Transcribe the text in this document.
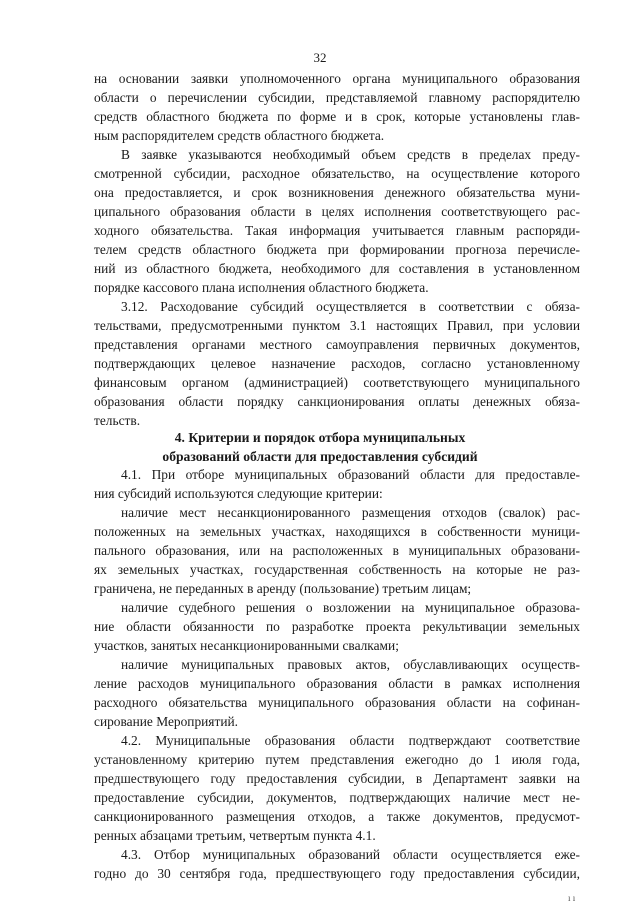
32
4. Критерии и порядок отбора муниципальных
образований области для предоставления субсидий
на основании заявки уполномоченного органа муниципального образования
области о перечислении субсидии, представляемой главному распорядителю
средств областного бюджета по форме и в срок, которые установлены глав-
ным распорядителем средств областного бюджета.
В заявке указываются необходимый объем средств в пределах преду-
смотренной субсидии, расходное обязательство, на осуществление которого
она предоставляется, и срок возникновения денежного обязательства муни-
ципального образования области в целях исполнения соответствующего рас-
ходного обязательства. Такая информация учитывается главным распоряди-
телем средств областного бюджета при формировании прогноза перечисле-
ний из областного бюджета, необходимого для составления в установленном
порядке кассового плана исполнения областного бюджета.
3.12. Расходование субсидий осуществляется в соответствии с обяза-
тельствами, предусмотренными пунктом 3.1 настоящих Правил, при условии
представления органами местного самоуправления первичных документов,
подтверждающих целевое назначение расходов, согласно установленному
финансовым органом (администрацией) соответствующего муниципального
образования области порядку санкционирования оплаты денежных обяза-
тельств.
4.1. При отборе муниципальных образований области для предоставле-
ния субсидий используются следующие критерии:
наличие мест несанкционированного размещения отходов (свалок) рас-
положенных на земельных участках, находящихся в собственности муници-
пального образования, или на расположенных в муниципальных образовани-
ях земельных участках, государственная собственность на которые не раз-
граничена, не переданных в аренду (пользование) третьим лицам;
наличие судебного решения о возложении на муниципальное образова-
ние области обязанности по разработке проекта рекультивации земельных
участков, занятых несанкционированными свалками;
наличие муниципальных правовых актов, обуславливающих осуществ-
ление расходов муниципального образования области в рамках исполнения
расходного обязательства муниципального образования области на софинан-
сирование Мероприятий.
4.2. Муниципальные образования области подтверждают соответствие
установленному критерию путем представления ежегодно до 1 июля года,
предшествующего году предоставления субсидии, в Департамент заявки на
предоставление субсидии, документов, подтверждающих наличие мест не-
санкционированного размещения отходов, а также документов, предусмот-
ренных абзацами третьим, четвертым пункта 4.1.
4.3. Отбор муниципальных образований области осуществляется еже-
годно до 30 сентября года, предшествующего году предоставления субсидии,
ı ı
